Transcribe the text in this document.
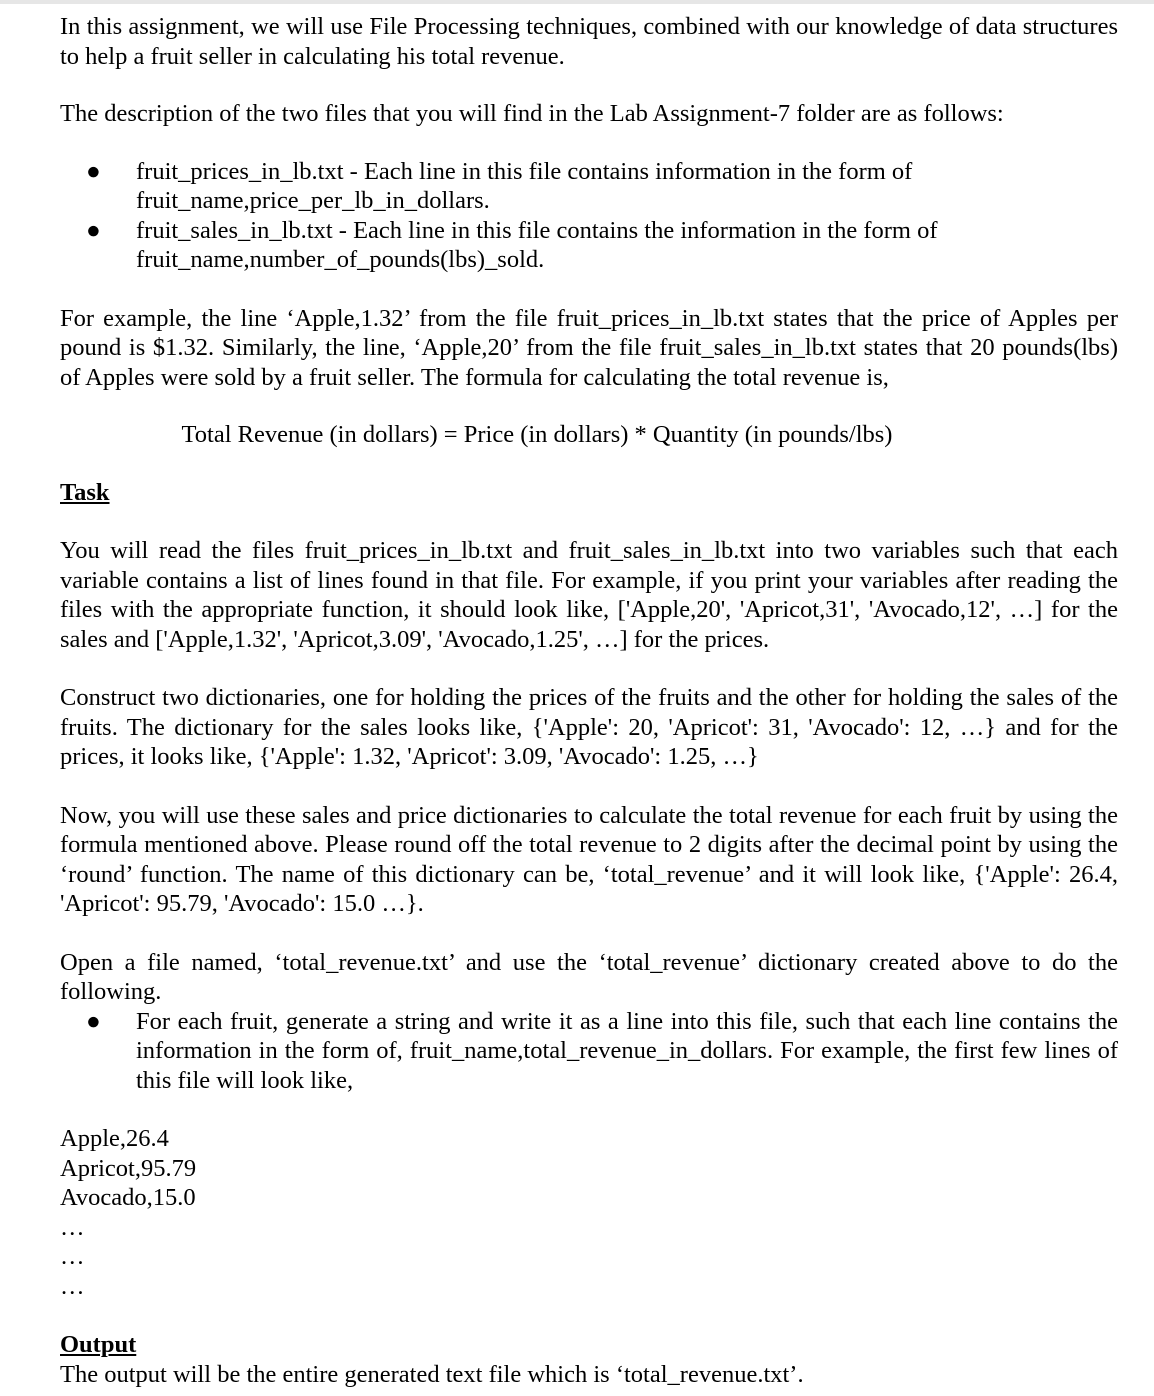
In this assignment, we will use File Processing techniques, combined with our knowledge of data structures to help a fruit seller in calculating his total revenue.

The description of the two files that you will find in the Lab Assignment-7 folder are as follows:

● fruit_prices_in_lb.txt - Each line in this file contains information in the form of
fruit_name,price_per_lb_in_dollars.
● fruit_sales_in_lb.txt - Each line in this file contains the information in the form of
fruit_name,number_of_pounds(lbs)_sold.

For example, the line ‘Apple,1.32’ from the file fruit_prices_in_lb.txt states that the price of Apples per pound is $1.32. Similarly, the line, ‘Apple,20’ from the file fruit_sales_in_lb.txt states that 20 pounds(lbs) of Apples were sold by a fruit seller. The formula for calculating the total revenue is,

Total Revenue (in dollars) = Price (in dollars) * Quantity (in pounds/lbs)

Task

You will read the files fruit_prices_in_lb.txt and fruit_sales_in_lb.txt into two variables such that each variable contains a list of lines found in that file. For example, if you print your variables after reading the files with the appropriate function, it should look like, ['Apple,20', 'Apricot,31', 'Avocado,12', …] for the sales and ['Apple,1.32', 'Apricot,3.09', 'Avocado,1.25', …] for the prices.

Construct two dictionaries, one for holding the prices of the fruits and the other for holding the sales of the fruits. The dictionary for the sales looks like, {'Apple': 20, 'Apricot': 31, 'Avocado': 12, …} and for the prices, it looks like, {'Apple': 1.32, 'Apricot': 3.09, 'Avocado': 1.25, …}

Now, you will use these sales and price dictionaries to calculate the total revenue for each fruit by using the formula mentioned above. Please round off the total revenue to 2 digits after the decimal point by using the ‘round’ function. The name of this dictionary can be, ‘total_revenue’ and it will look like, {'Apple': 26.4, 'Apricot': 95.79, 'Avocado': 15.0 …}.

Open a file named, ‘total_revenue.txt’ and use the ‘total_revenue’ dictionary created above to do the following.

● For each fruit, generate a string and write it as a line into this file, such that each line contains the information in the form of, fruit_name,total_revenue_in_dollars. For example, the first few lines of this file will look like,

Apple,26.4

Apricot,95.79

Avocado,15.0

…

…

…

Output

The output will be the entire generated text file which is ‘total_revenue.txt’.
